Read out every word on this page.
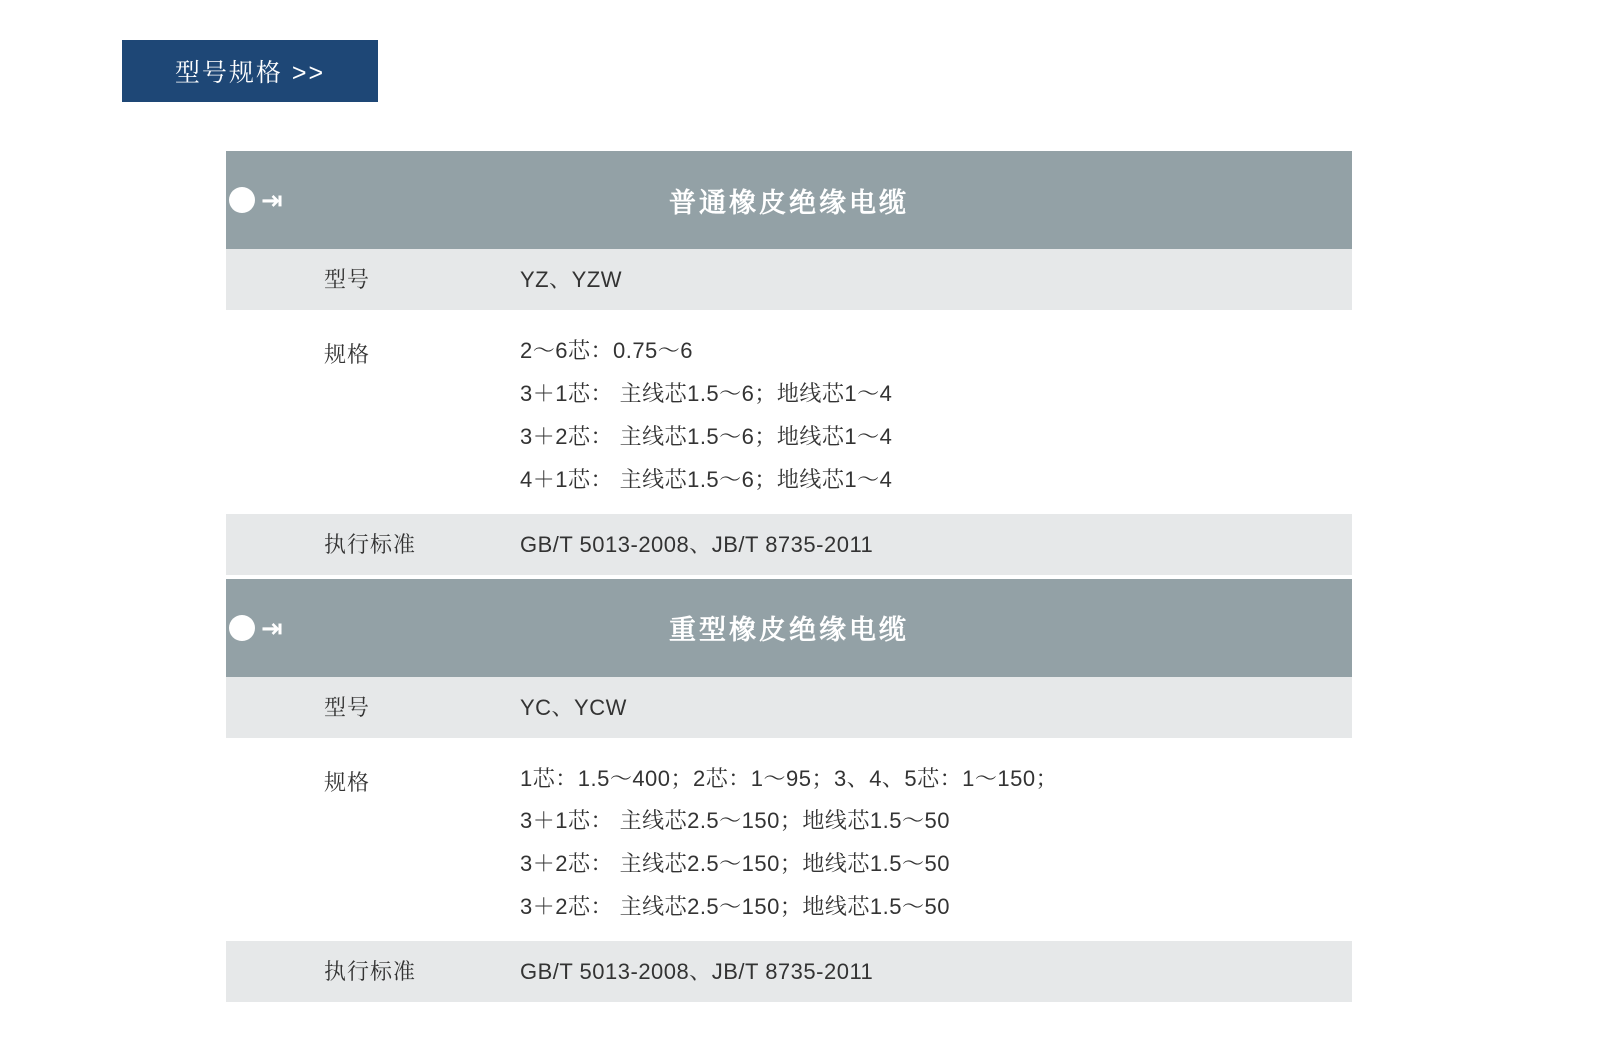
型号规格 >>
⇥	普通橡皮绝缘电缆
型号	YZ、YZW
规格	2～6芯：0.75～6
3＋1芯： 主线芯1.5～6；地线芯1～4
3＋2芯： 主线芯1.5～6；地线芯1～4
4＋1芯： 主线芯1.5～6；地线芯1～4
执行标准	GB/T 5013-2008、JB/T 8735-2011
⇥	重型橡皮绝缘电缆
型号	YC、YCW
规格	1芯：1.5～400；2芯：1～95；3、4、5芯：1～150；
3＋1芯： 主线芯2.5～150；地线芯1.5～50
3＋2芯： 主线芯2.5～150；地线芯1.5～50
3＋2芯： 主线芯2.5～150；地线芯1.5～50
执行标准	GB/T 5013-2008、JB/T 8735-2011
